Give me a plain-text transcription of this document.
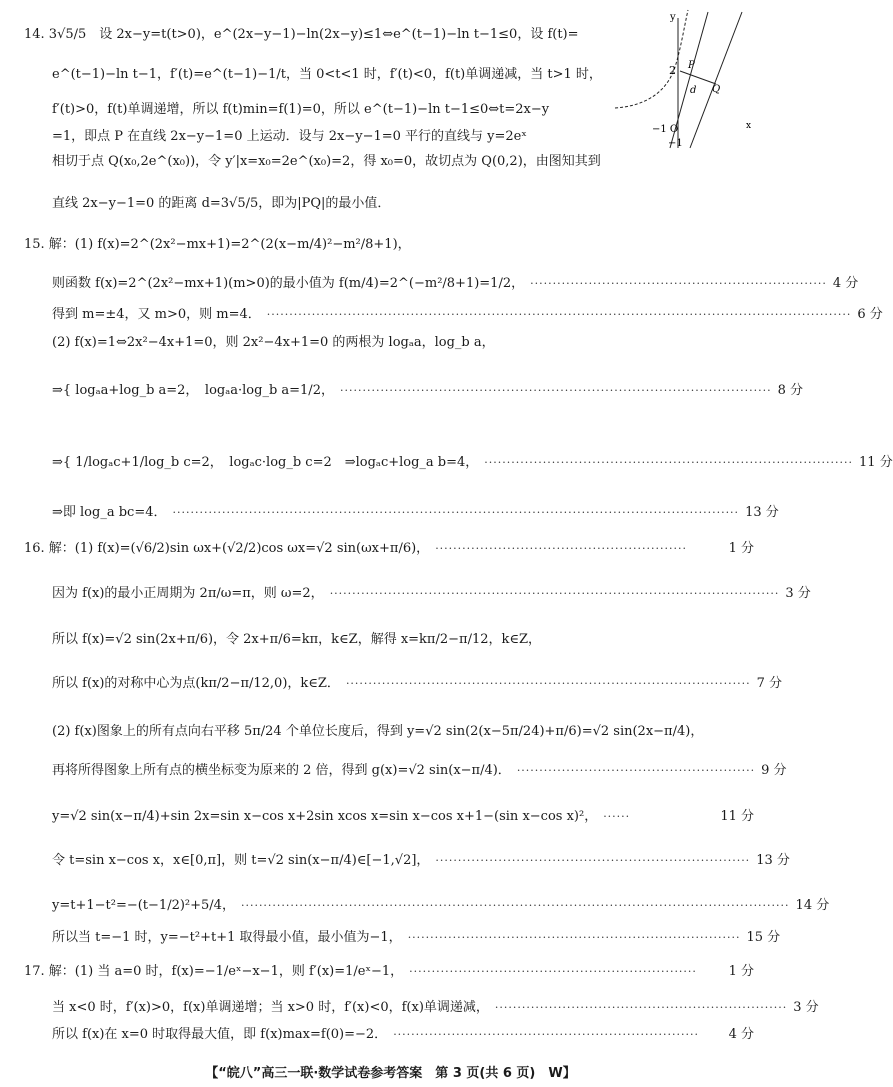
14. 3√5/5　设 2x−y=t(t>0)，e^(2x−y−1)−ln(2x−y)≤1⇔e^(t−1)−ln t−1≤0，设 f(t)=
e^(t−1)−ln t−1，f′(t)=e^(t−1)−1/t，当 0<t<1 时，f′(t)<0，f(t)单调递减，当 t>1 时，
f′(t)>0，f(t)单调递增，所以 f(t)min=f(1)=0，所以 e^(t−1)−ln t−1≤0⇔t=2x−y
=1，即点 P 在直线 2x−y−1=0 上运动．设与 2x−y−1=0 平行的直线与 y=2eˣ
相切于点 Q(x₀,2e^(x₀))，令 y′|x=x₀=2e^(x₀)=2，得 x₀=0，故切点为 Q(0,2)，由图知其到
直线 2x−y−1=0 的距离 d=3√5/5，即为|PQ|的最小值．
15. 解：(1) f(x)=2^(2x²−mx+1)=2^(2(x−m/4)²−m²/8+1)，
则函数 f(x)=2^(2x²−mx+1)(m>0)的最小值为 f(m/4)=2^(−m²/8+1)=1/2， ·································································· 4 分
得到 m=±4，又 m>0，则 m=4． ·································································································································· 6 分
(2) f(x)=1⇔2x²−4x+1=0，则 2x²−4x+1=0 的两根为 logₐa，log_b a，
⇒{ logₐa+log_b a=2，　logₐa·log_b a=1/2， ································································································ 8 分
⇒{ 1/logₐc+1/log_b c=2，　logₐc·log_b c=2　⇒logₐc+log_a b=4， ·················································································· 11 分
⇒即 log_a bc=4． ······························································································································ 13 分
16. 解：(1) f(x)=(√6/2)sin ωx+(√2/2)cos ωx=√2 sin(ωx+π/6)， ························································	1 分
因为 f(x)的最小正周期为 2π/ω=π，则 ω=2， ···································································································· 3 分
所以 f(x)=√2 sin(2x+π/6)，令 2x+π/6=kπ，k∈Z，解得 x=kπ/2−π/12，k∈Z，
所以 f(x)的对称中心为点(kπ/2−π/12,0)，k∈Z． ·························································································· 7 分
(2) f(x)图象上的所有点向右平移 5π/24 个单位长度后，得到 y=√2 sin(2(x−5π/24)+π/6)=√2 sin(2x−π/4)，
再将所得图象上所有点的横坐标变为原来的 2 倍，得到 g(x)=√2 sin(x−π/4)． ····················································· 9 分
y=√2 sin(x−π/4)+sin 2x=sin x−cos x+2sin xcos x=sin x−cos x+1−(sin x−cos x)²， ······	11 分
令 t=sin x−cos x，x∈[0,π]，则 t=√2 sin(x−π/4)∈[−1,√2]， ······································································ 13 分
y=t+1−t²=−(t−1/2)²+5/4， ·························································································································· 14 分
所以当 t=−1 时，y=−t²+t+1 取得最小值，最小值为−1， ·········································································· 15 分
17. 解：(1) 当 a=0 时，f(x)=−1/eˣ−x−1，则 f′(x)=1/eˣ−1， ································································	1 分
当 x<0 时，f′(x)>0，f(x)单调递增；当 x>0 时，f′(x)<0，f(x)单调递减， ································································· 3 分
所以 f(x)在 x=0 时取得最大值，即 f(x)max=f(0)=−2． ····································································	4 分
y
x
2 P
Q
d
−1 O
−1
【“皖八”高三一联·数学试卷参考答案　第 3 页(共 6 页)　W】
